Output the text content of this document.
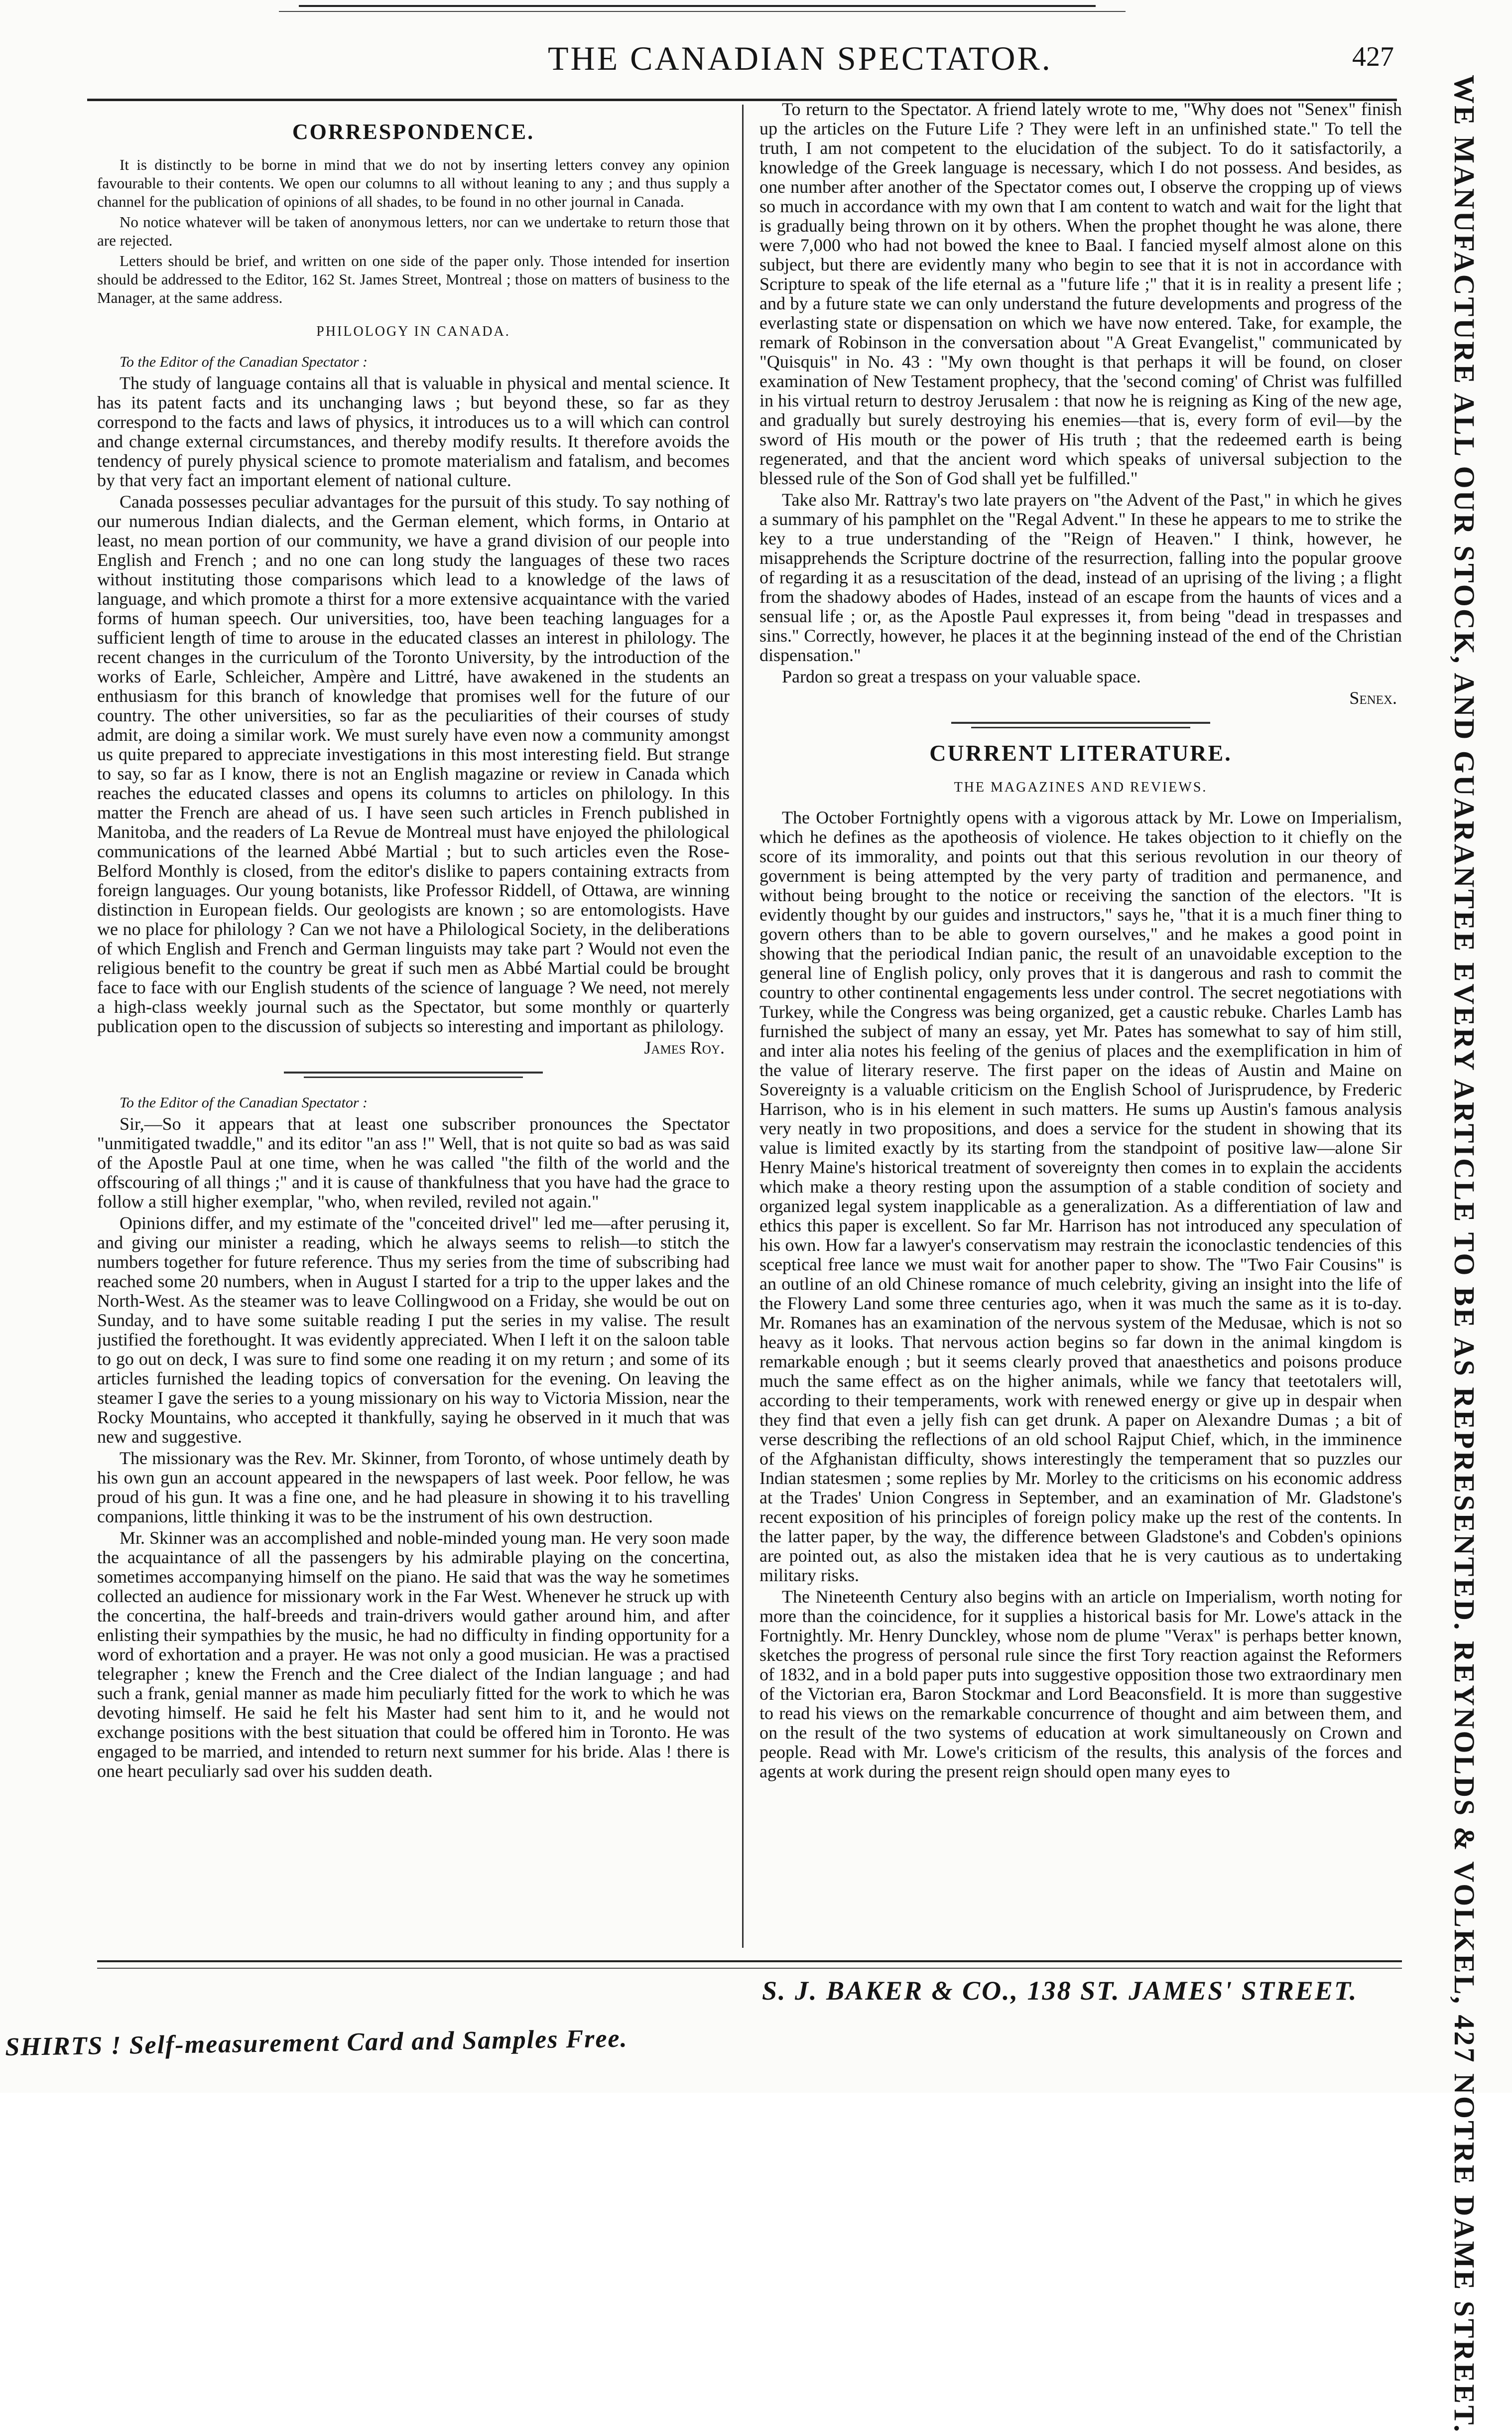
THE CANADIAN SPECTATOR.	427
CORRESPONDENCE.

It is distinctly to be borne in mind that we do not by inserting letters convey any opinion favourable to their contents. We open our columns to all without leaning to any ; and thus supply a channel for the publication of opinions of all shades, to be found in no other journal in Canada.

No notice whatever will be taken of anonymous letters, nor can we undertake to return those that are rejected.

Letters should be brief, and written on one side of the paper only. Those intended for insertion should be addressed to the Editor, 162 St. James Street, Montreal ; those on matters of business to the Manager, at the same address.

PHILOLOGY IN CANADA.

To the Editor of the Canadian Spectator :

The study of language contains all that is valuable in physical and mental science. It has its patent facts and its unchanging laws ; but beyond these, so far as they correspond to the facts and laws of physics, it introduces us to a will which can control and change external circumstances, and thereby modify results. It therefore avoids the tendency of purely physical science to promote materialism and fatalism, and becomes by that very fact an important element of national culture.

Canada possesses peculiar advantages for the pursuit of this study. To say nothing of our numerous Indian dialects, and the German element, which forms, in Ontario at least, no mean portion of our community, we have a grand division of our people into English and French ; and no one can long study the languages of these two races without instituting those comparisons which lead to a knowledge of the laws of language, and which promote a thirst for a more extensive acquaintance with the varied forms of human speech. Our universities, too, have been teaching languages for a sufficient length of time to arouse in the educated classes an interest in philology. The recent changes in the curriculum of the Toronto University, by the introduction of the works of Earle, Schleicher, Ampère and Littré, have awakened in the students an enthusiasm for this branch of knowledge that promises well for the future of our country. The other universities, so far as the peculiarities of their courses of study admit, are doing a similar work. We must surely have even now a community amongst us quite prepared to appreciate investigations in this most interesting field. But strange to say, so far as I know, there is not an English magazine or review in Canada which reaches the educated classes and opens its columns to articles on philology. In this matter the French are ahead of us. I have seen such articles in French published in Manitoba, and the readers of La Revue de Montreal must have enjoyed the philological communications of the learned Abbé Martial ; but to such articles even the Rose-Belford Monthly is closed, from the editor's dislike to papers containing extracts from foreign languages. Our young botanists, like Professor Riddell, of Ottawa, are winning distinction in European fields. Our geologists are known ; so are entomologists. Have we no place for philology ? Can we not have a Philological Society, in the deliberations of which English and French and German linguists may take part ? Would not even the religious benefit to the country be great if such men as Abbé Martial could be brought face to face with our English students of the science of language ? We need, not merely a high-class weekly journal such as the Spectator, but some monthly or quarterly publication open to the discussion of subjects so interesting and important as philology.

James Roy.

To the Editor of the Canadian Spectator :

Sir,—So it appears that at least one subscriber pronounces the Spectator "unmitigated twaddle," and its editor "an ass !" Well, that is not quite so bad as was said of the Apostle Paul at one time, when he was called "the filth of the world and the offscouring of all things ;" and it is cause of thankfulness that you have had the grace to follow a still higher exemplar, "who, when reviled, reviled not again."

Opinions differ, and my estimate of the "conceited drivel" led me—after perusing it, and giving our minister a reading, which he always seems to relish—to stitch the numbers together for future reference. Thus my series from the time of subscribing had reached some 20 numbers, when in August I started for a trip to the upper lakes and the North-West. As the steamer was to leave Collingwood on a Friday, she would be out on Sunday, and to have some suitable reading I put the series in my valise. The result justified the forethought. It was evidently appreciated. When I left it on the saloon table to go out on deck, I was sure to find some one reading it on my return ; and some of its articles furnished the leading topics of conversation for the evening. On leaving the steamer I gave the series to a young missionary on his way to Victoria Mission, near the Rocky Mountains, who accepted it thankfully, saying he observed in it much that was new and suggestive.

The missionary was the Rev. Mr. Skinner, from Toronto, of whose untimely death by his own gun an account appeared in the newspapers of last week. Poor fellow, he was proud of his gun. It was a fine one, and he had pleasure in showing it to his travelling companions, little thinking it was to be the instrument of his own destruction.

Mr. Skinner was an accomplished and noble-minded young man. He very soon made the acquaintance of all the passengers by his admirable playing on the concertina, sometimes accompanying himself on the piano. He said that was the way he sometimes collected an audience for missionary work in the Far West. Whenever he struck up with the concertina, the half-breeds and train-drivers would gather around him, and after enlisting their sympathies by the music, he had no difficulty in finding opportunity for a word of exhortation and a prayer. He was not only a good musician. He was a practised telegrapher ; knew the French and the Cree dialect of the Indian language ; and had such a frank, genial manner as made him peculiarly fitted for the work to which he was devoting himself. He said he felt his Master had sent him to it, and he would not exchange positions with the best situation that could be offered him in Toronto. He was engaged to be married, and intended to return next summer for his bride. Alas ! there is one heart peculiarly sad over his sudden death.

To return to the Spectator. A friend lately wrote to me, "Why does not "Senex" finish up the articles on the Future Life ? They were left in an unfinished state." To tell the truth, I am not competent to the elucidation of the subject. To do it satisfactorily, a knowledge of the Greek language is necessary, which I do not possess. And besides, as one number after another of the Spectator comes out, I observe the cropping up of views so much in accordance with my own that I am content to watch and wait for the light that is gradually being thrown on it by others. When the prophet thought he was alone, there were 7,000 who had not bowed the knee to Baal. I fancied myself almost alone on this subject, but there are evidently many who begin to see that it is not in accordance with Scripture to speak of the life eternal as a "future life ;" that it is in reality a present life ; and by a future state we can only understand the future developments and progress of the everlasting state or dispensation on which we have now entered. Take, for example, the remark of Robinson in the conversation about "A Great Evangelist," communicated by "Quisquis" in No. 43 : "My own thought is that perhaps it will be found, on closer examination of New Testament prophecy, that the 'second coming' of Christ was fulfilled in his virtual return to destroy Jerusalem : that now he is reigning as King of the new age, and gradually but surely destroying his enemies—that is, every form of evil—by the sword of His mouth or the power of His truth ; that the redeemed earth is being regenerated, and that the ancient word which speaks of universal subjection to the blessed rule of the Son of God shall yet be fulfilled."

Take also Mr. Rattray's two late prayers on "the Advent of the Past," in which he gives a summary of his pamphlet on the "Regal Advent." In these he appears to me to strike the key to a true understanding of the "Reign of Heaven." I think, however, he misapprehends the Scripture doctrine of the resurrection, falling into the popular groove of regarding it as a resuscitation of the dead, instead of an uprising of the living ; a flight from the shadowy abodes of Hades, instead of an escape from the haunts of vices and a sensual life ; or, as the Apostle Paul expresses it, from being "dead in trespasses and sins." Correctly, however, he places it at the beginning instead of the end of the Christian dispensation."

Pardon so great a trespass on your valuable space.

Senex.
CURRENT LITERATURE.
THE MAGAZINES AND REVIEWS.

The October Fortnightly opens with a vigorous attack by Mr. Lowe on Imperialism, which he defines as the apotheosis of violence. He takes objection to it chiefly on the score of its immorality, and points out that this serious revolution in our theory of government is being attempted by the very party of tradition and permanence, and without being brought to the notice or receiving the sanction of the electors. "It is evidently thought by our guides and instructors," says he, "that it is a much finer thing to govern others than to be able to govern ourselves," and he makes a good point in showing that the periodical Indian panic, the result of an unavoidable exception to the general line of English policy, only proves that it is dangerous and rash to commit the country to other continental engagements less under control. The secret negotiations with Turkey, while the Congress was being organized, get a caustic rebuke. Charles Lamb has furnished the subject of many an essay, yet Mr. Pates has somewhat to say of him still, and inter alia notes his feeling of the genius of places and the exemplification in him of the value of literary reserve. The first paper on the ideas of Austin and Maine on Sovereignty is a valuable criticism on the English School of Jurisprudence, by Frederic Harrison, who is in his element in such matters. He sums up Austin's famous analysis very neatly in two propositions, and does a service for the student in showing that its value is limited exactly by its starting from the standpoint of positive law—alone Sir Henry Maine's historical treatment of sovereignty then comes in to explain the accidents which make a theory resting upon the assumption of a stable condition of society and organized legal system inapplicable as a generalization. As a differentiation of law and ethics this paper is excellent. So far Mr. Harrison has not introduced any speculation of his own. How far a lawyer's conservatism may restrain the iconoclastic tendencies of this sceptical free lance we must wait for another paper to show. The "Two Fair Cousins" is an outline of an old Chinese romance of much celebrity, giving an insight into the life of the Flowery Land some three centuries ago, when it was much the same as it is to-day. Mr. Romanes has an examination of the nervous system of the Medusae, which is not so heavy as it looks. That nervous action begins so far down in the animal kingdom is remarkable enough ; but it seems clearly proved that anaesthetics and poisons produce much the same effect as on the higher animals, while we fancy that teetotalers will, according to their temperaments, work with renewed energy or give up in despair when they find that even a jelly fish can get drunk. A paper on Alexandre Dumas ; a bit of verse describing the reflections of an old school Rajput Chief, which, in the imminence of the Afghanistan difficulty, shows interestingly the temperament that so puzzles our Indian statesmen ; some replies by Mr. Morley to the criticisms on his economic address at the Trades' Union Congress in September, and an examination of Mr. Gladstone's recent exposition of his principles of foreign policy make up the rest of the contents. In the latter paper, by the way, the difference between Gladstone's and Cobden's opinions are pointed out, as also the mistaken idea that he is very cautious as to undertaking military risks.

The Nineteenth Century also begins with an article on Imperialism, worth noting for more than the coincidence, for it supplies a historical basis for Mr. Lowe's attack in the Fortnightly. Mr. Henry Dunckley, whose nom de plume "Verax" is perhaps better known, sketches the progress of personal rule since the first Tory reaction against the Reformers of 1832, and in a bold paper puts into suggestive opposition those two extraordinary men of the Victorian era, Baron Stockmar and Lord Beaconsfield. It is more than suggestive to read his views on the remarkable concurrence of thought and aim between them, and on the result of the two systems of education at work simultaneously on Crown and people. Read with Mr. Lowe's criticism of the results, this analysis of the forces and agents at work during the present reign should open many eyes to	WE MANUFACTURE ALL OUR STOCK, AND GUARANTEE EVERY ARTICLE TO BE AS REPRESENTED. REYNOLDS & VOLKEL, 427 NOTRE DAME STREET.
S. J. BAKER & CO., 138 ST. JAMES' STREET.
SHIRTS ! Self-measurement Card and Samples Free.
